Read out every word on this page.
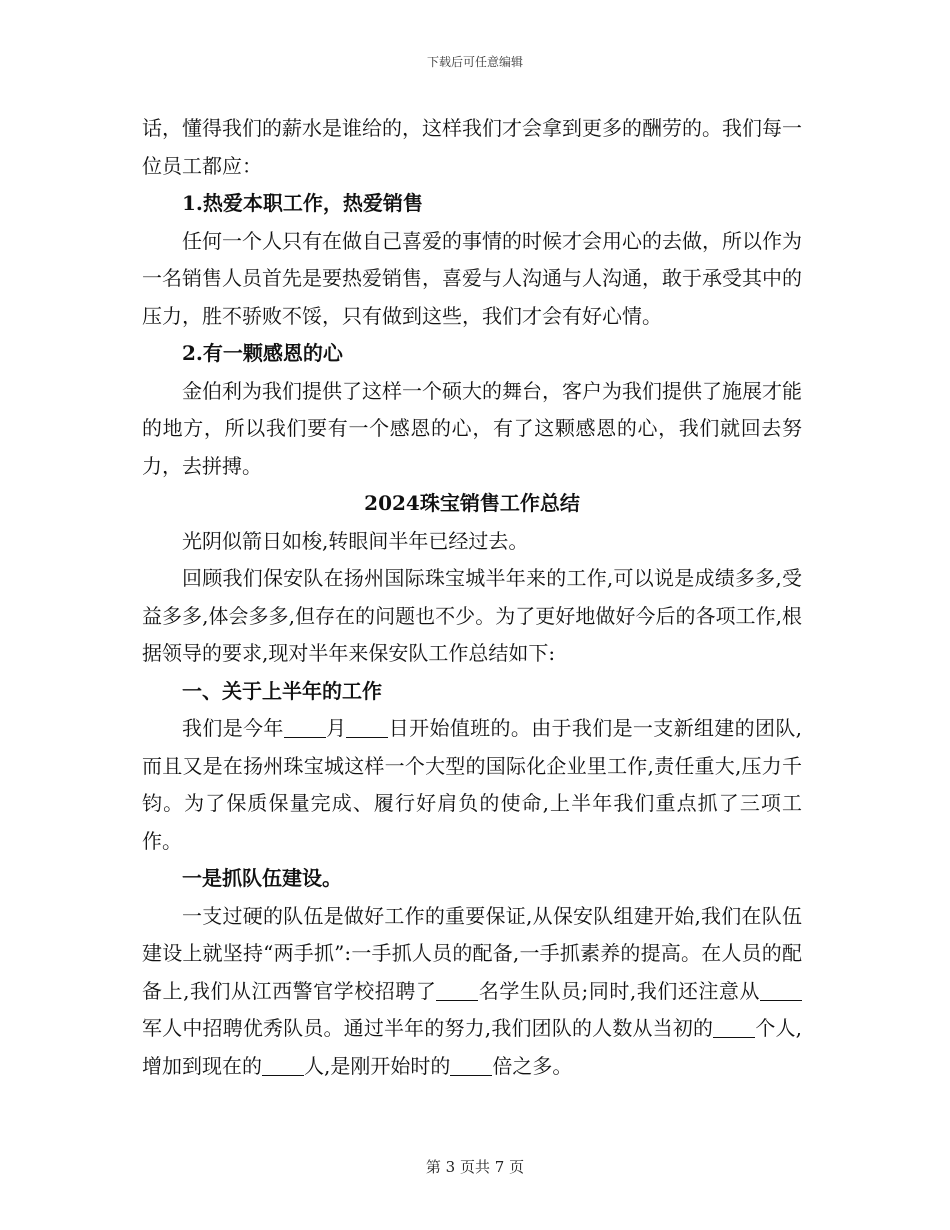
下载后可任意编辑

话，懂得我们的薪水是谁给的，这样我们才会拿到更多的酬劳的。我们每一位员工都应：

1.热爱本职工作，热爱销售

任何一个人只有在做自己喜爱的事情的时候才会用心的去做，所以作为一名销售人员首先是要热爱销售，喜爱与人沟通与人沟通，敢于承受其中的压力，胜不骄败不馁，只有做到这些，我们才会有好心情。

2.有一颗感恩的心

金伯利为我们提供了这样一个硕大的舞台，客户为我们提供了施展才能的地方，所以我们要有一个感恩的心，有了这颗感恩的心，我们就回去努力，去拼搏。

2024珠宝销售工作总结

光阴似箭日如梭,转眼间半年已经过去。

回顾我们保安队在扬州国际珠宝城半年来的工作,可以说是成绩多多,受益多多,体会多多,但存在的问题也不少。为了更好地做好今后的各项工作,根据领导的要求,现对半年来保安队工作总结如下:

一、关于上半年的工作

我们是今年 月 日开始值班的。由于我们是一支新组建的团队,而且又是在扬州珠宝城这样一个大型的国际化企业里工作,责任重大,压力千钧。为了保质保量完成、履行好肩负的使命,上半年我们重点抓了三项工作。

一是抓队伍建设。

一支过硬的队伍是做好工作的重要保证,从保安队组建开始,我们在队伍建设上就坚持“两手抓”:一手抓人员的配备,一手抓素养的提高。在人员的配备上,我们从江西警官学校招聘了 名学生队员;同时,我们还注意从军人中招聘优秀队员。通过半年的努力,我们团队的人数从当初的 个人,增加到现在的 人,是刚开始时的 倍之多。

第 3 页共 7 页
